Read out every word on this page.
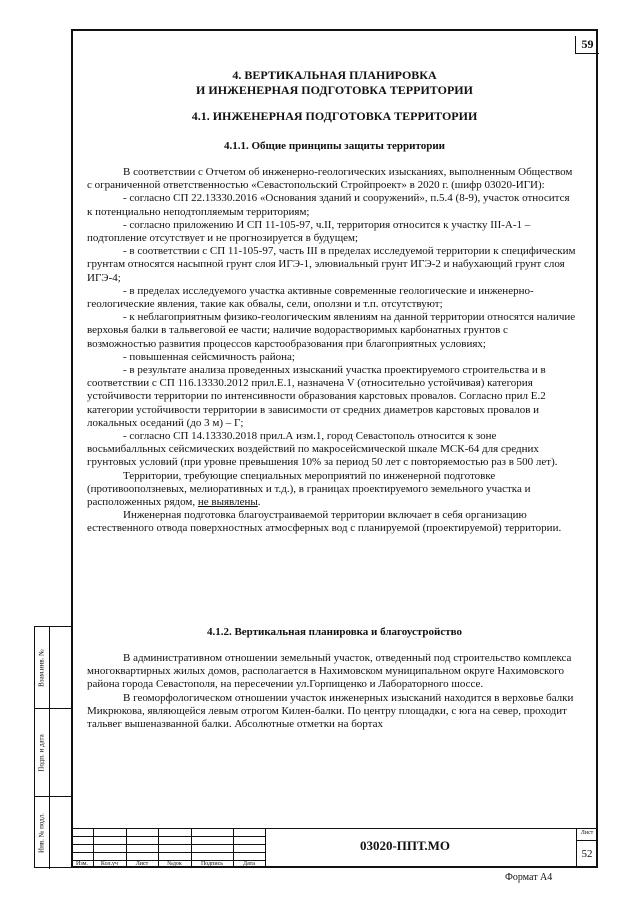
59
Взам.инв. №
Подп. и дата
Инв. № подл.
4. ВЕРТИКАЛЬНАЯ ПЛАНИРОВКА
И ИНЖЕНЕРНАЯ ПОДГОТОВКА ТЕРРИТОРИИ
4.1. ИНЖЕНЕРНАЯ ПОДГОТОВКА ТЕРРИТОРИИ
4.1.1. Общие принципы защиты территории

В соответствии с Отчетом об инженерно-геологических изысканиях, выполненным Обществом с ограниченной ответственностью «Севастопольский Стройпроект» в 2020 г. (шифр 03020-ИГИ):

- согласно СП 22.13330.2016 «Основания зданий и сооружений», п.5.4 (8-9), участок относится к потенциально неподтопляемым территориям;

- согласно приложению И СП 11-105-97, ч.II, территория относится к участку III-А-1 – подтопление отсутствует и не прогнозируется в будущем;

- в соответствии с СП 11-105-97, часть III в пределах исследуемой территории к специфическим грунтам относятся насыпной грунт слоя ИГЭ-1, элювиальный грунт ИГЭ-2 и набухающий грунт слоя ИГЭ-4;

- в пределах исследуемого участка активные современные геологические и инженерно-геологические явления, такие как обвалы, сели, оползни и т.п. отсутствуют;

- к неблагоприятным физико-геологическим явлениям на данной территории относятся наличие верховья балки в тальвеговой ее части; наличие водорастворимых карбонатных грунтов с возможностью развития процессов карстообразования при благоприятных условиях;

- повышенная сейсмичность района;

- в результате анализа проведенных изысканий участка проектируемого строительства и в соответствии с СП 116.13330.2012 прил.Е.1, назначена V (относительно устойчивая) категория устойчивости территории по интенсивности образования карстовых провалов. Согласно прил Е.2 категории устойчивости территории в зависимости от средних диаметров карстовых провалов и локальных оседаний (до 3 м) – Г;

- согласно СП 14.13330.2018 прил.А изм.1, город Севастополь относится к зоне восьмибалльных сейсмических воздействий по макросейсмической шкале МСК-64 для средних грунтовых условий (при уровне превышения 10% за период 50 лет с повторяемостью раз в 500 лет).

Территории, требующие специальных мероприятий по инженерной подготовке (противооползневых, мелиоративных и т.д.), в границах проектируемого земельного участка и расположенных рядом, не выявлены.

Инженерная подготовка благоустраиваемой территории включает в себя организацию естественного отвода поверхностных атмосферных вод с планируемой (проектируемой) территории.

4.1.2. Вертикальная планировка и благоустройство

В административном отношении земельный участок, отведенный под строительство комплекса многоквартирных жилых домов, располагается в Нахимовском муниципальном округе Нахимовского района города Севастополя, на пересечении ул.Горпищенко и Лабораторного шоссе.

В геоморфологическом отношении участок инженерных изысканий находится в верховье балки Микрюкова, являющейся левым отрогом Килен-балки. По центру площадки, с юга на север, проходит тальвег вышеназванной балки. Абсолютные отметки на бортах

Изм.	Кол.уч	Лист	№док	Подпись	Дата
03020-ППТ.МО
Лист
52
Формат А4
